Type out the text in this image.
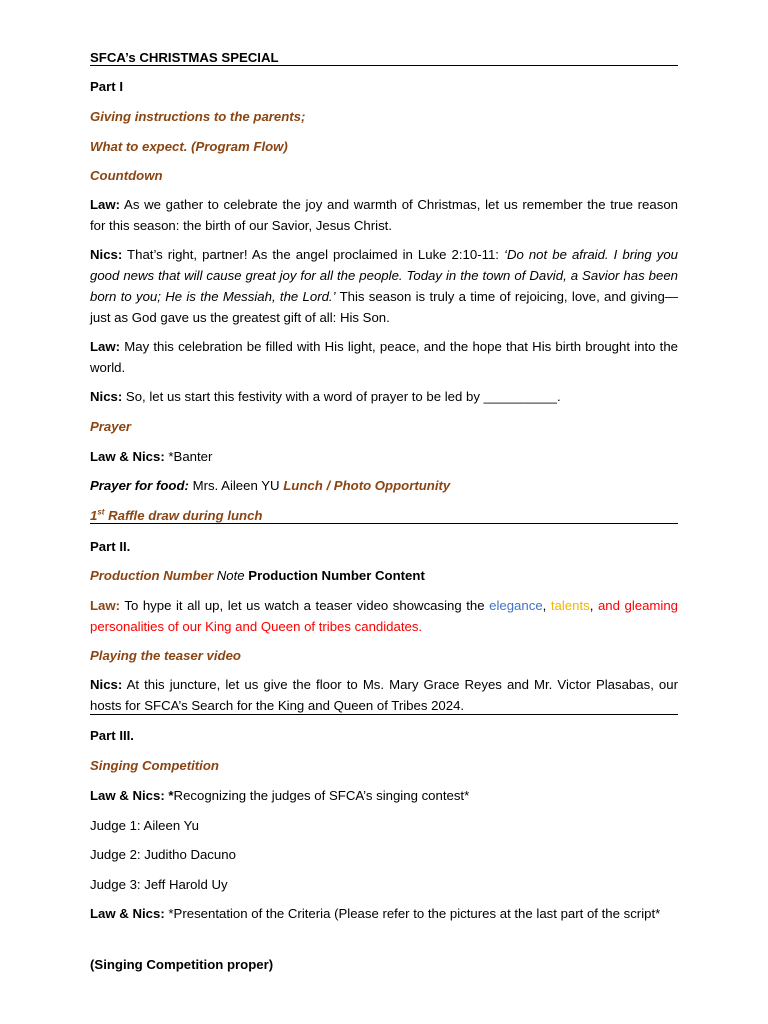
SFCA’s CHRISTMAS SPECIAL

Part I

Giving instructions to the parents;

What to expect. (Program Flow)

Countdown

Law: As we gather to celebrate the joy and warmth of Christmas, let us remember the true reason for this season: the birth of our Savior, Jesus Christ.

Nics: That’s right, partner! As the angel proclaimed in Luke 2:10-11: ‘Do not be afraid. I bring you good news that will cause great joy for all the people. Today in the town of David, a Savior has been born to you; He is the Messiah, the Lord.’ This season is truly a time of rejoicing, love, and giving—just as God gave us the greatest gift of all: His Son.

Law: May this celebration be filled with His light, peace, and the hope that His birth brought into the world.

Nics: So, let us start this festivity with a word of prayer to be led by __________.

Prayer

Law & Nics: *Banter

Prayer for food: Mrs. Aileen YU Lunch / Photo Opportunity

1st Raffle draw during lunch

Part II.

Production Number Note Production Number Content

Law: To hype it all up, let us watch a teaser video showcasing the elegance, talents, and gleaming personalities of our King and Queen of tribes candidates.

Playing the teaser video

Nics: At this juncture, let us give the floor to Ms. Mary Grace Reyes and Mr. Victor Plasabas, our hosts for SFCA’s Search for the King and Queen of Tribes 2024.

Part III.

Singing Competition

Law & Nics: *Recognizing the judges of SFCA’s singing contest*

Judge 1: Aileen Yu

Judge 2: Juditho Dacuno

Judge 3: Jeff Harold Uy

Law & Nics: *Presentation of the Criteria (Please refer to the pictures at the last part of the script*

(Singing Competition proper)
